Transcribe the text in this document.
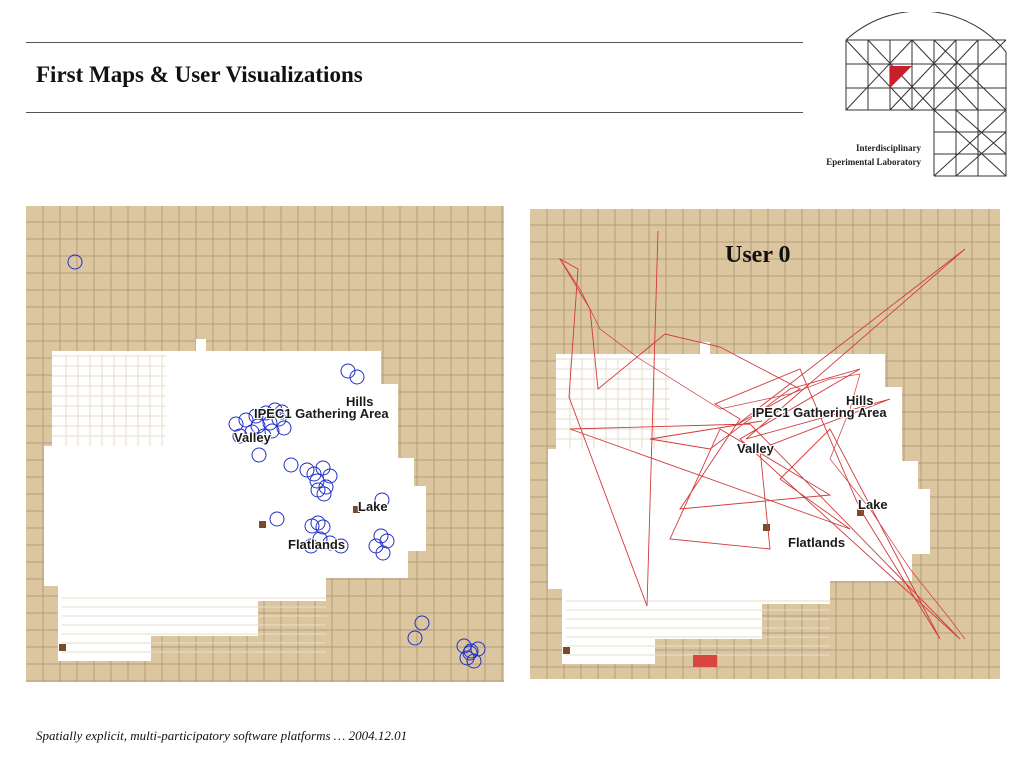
First Maps & User Visualizations
Interdisciplinary
Eperimental Laboratory
Hills
IPEC1 Gathering Area
Valley
Lake
Flatlands
User 0
Hills
IPEC1 Gathering Area
Valley
Lake
Flatlands

Spatially explicit, multi-participatory software platforms … 2004.12.01
